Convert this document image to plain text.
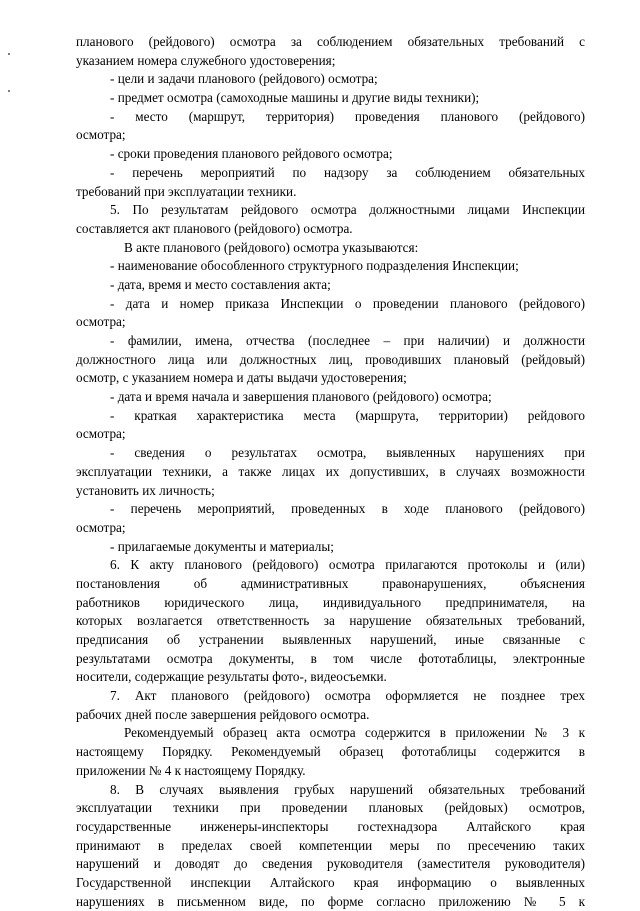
планового (рейдового) осмотра за соблюдением обязательных требований с
указанием номера служебного удостоверения;
- цели и задачи планового (рейдового) осмотра;
- предмет осмотра (самоходные машины и другие виды техники);
- место (маршрут, территория) проведения планового (рейдового)
осмотра;
- сроки проведения планового рейдового осмотра;
- перечень мероприятий по надзору за соблюдением обязательных
требований при эксплуатации техники.
5. По результатам рейдового осмотра должностными лицами Инспекции
составляется акт планового (рейдового) осмотра.
В акте планового (рейдового) осмотра указываются:
- наименование обособленного структурного подразделения Инспекции;
- дата, время и место составления акта;
- дата и номер приказа Инспекции о проведении планового (рейдового)
осмотра;
- фамилии, имена, отчества (последнее – при наличии) и должности
должностного лица или должностных лиц, проводивших плановый (рейдовый)
осмотр, с указанием номера и даты выдачи удостоверения;
- дата и время начала и завершения планового (рейдового) осмотра;
- краткая характеристика места (маршрута, территории) рейдового
осмотра;
- сведения о результатах осмотра, выявленных нарушениях при
эксплуатации техники, а также лицах их допустивших, в случаях возможности
установить их личность;
- перечень мероприятий, проведенных в ходе планового (рейдового)
осмотра;
- прилагаемые документы и материалы;
6. К акту планового (рейдового) осмотра прилагаются протоколы и (или)
постановления об административных правонарушениях, объяснения
работников юридического лица, индивидуального предпринимателя, на
которых возлагается ответственность за нарушение обязательных требований,
предписания об устранении выявленных нарушений, иные связанные с
результатами осмотра документы, в том числе фототаблицы, электронные
носители, содержащие результаты фото-, видеосъемки.
7. Акт планового (рейдового) осмотра оформляется не позднее трех
рабочих дней после завершения рейдового осмотра.
Рекомендуемый образец акта осмотра содержится в приложении № 3 к
настоящему Порядку. Рекомендуемый образец фототаблицы содержится в
приложении № 4 к настоящему Порядку.
8. В случаях выявления грубых нарушений обязательных требований
эксплуатации техники при проведении плановых (рейдовых) осмотров,
государственные инженеры-инспекторы гостехнадзора Алтайского края
принимают в пределах своей компетенции меры по пресечению таких
нарушений и доводят до сведения руководителя (заместителя руководителя)
Государственной инспекции Алтайского края информацию о выявленных
нарушениях в письменном виде, по форме согласно приложению № 5 к
